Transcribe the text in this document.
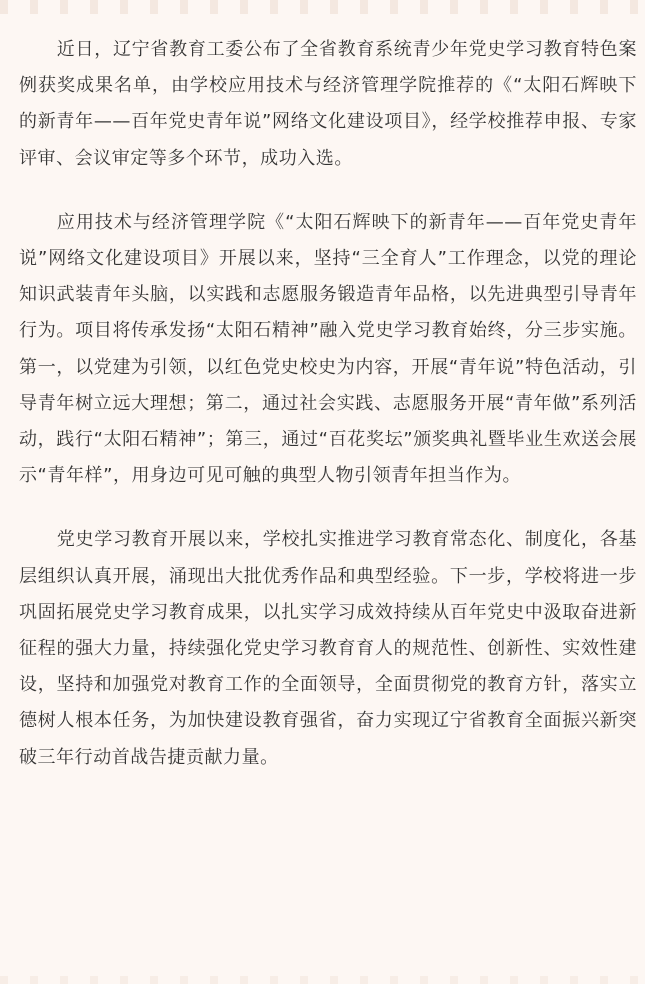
近日，辽宁省教育工委公布了全省教育系统青少年党史学习教育特色案例获奖成果名单，由学校应用技术与经济管理学院推荐的《“太阳石辉映下的新青年——百年党史青年说”网络文化建设项目》，经学校推荐申报、专家评审、会议审定等多个环节，成功入选。

应用技术与经济管理学院《“太阳石辉映下的新青年——百年党史青年说”网络文化建设项目》开展以来，坚持“三全育人”工作理念，以党的理论知识武装青年头脑，以实践和志愿服务锻造青年品格，以先进典型引导青年行为。项目将传承发扬“太阳石精神”融入党史学习教育始终，分三步实施。第一，以党建为引领，以红色党史校史为内容，开展“青年说”特色活动，引导青年树立远大理想；第二，通过社会实践、志愿服务开展“青年做”系列活动，践行“太阳石精神”；第三，通过“百花奖坛”颁奖典礼暨毕业生欢送会展示“青年样”，用身边可见可触的典型人物引领青年担当作为。

党史学习教育开展以来，学校扎实推进学习教育常态化、制度化，各基层组织认真开展，涌现出大批优秀作品和典型经验。下一步，学校将进一步巩固拓展党史学习教育成果，以扎实学习成效持续从百年党史中汲取奋进新征程的强大力量，持续强化党史学习教育育人的规范性、创新性、实效性建设，坚持和加强党对教育工作的全面领导，全面贯彻党的教育方针，落实立德树人根本任务，为加快建设教育强省，奋力实现辽宁省教育全面振兴新突破三年行动首战告捷贡献力量。
